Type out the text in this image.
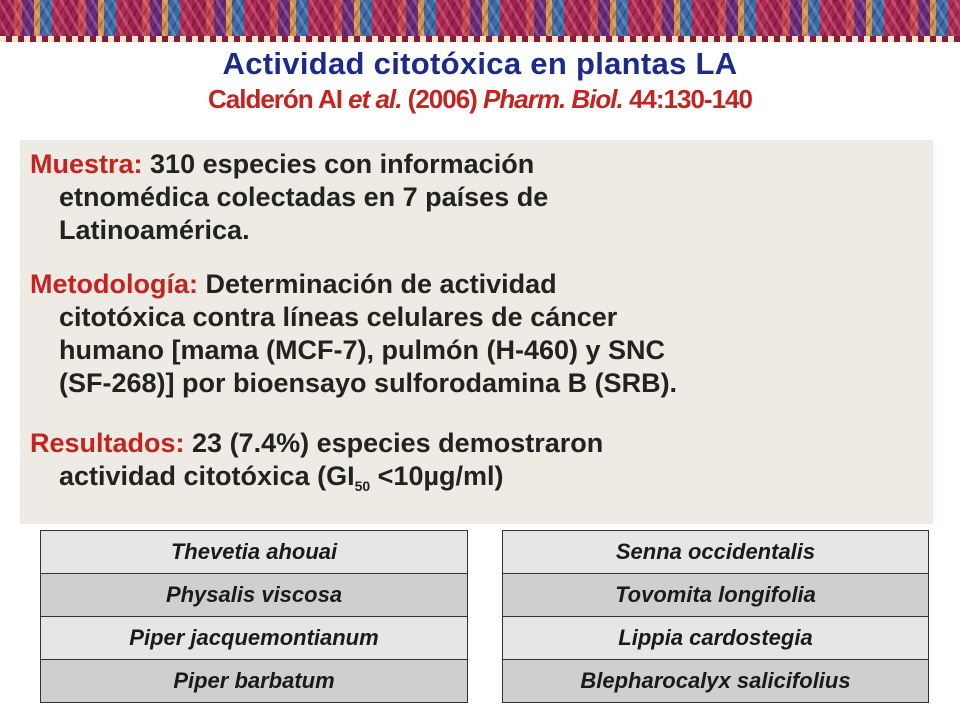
Actividad citotóxica en plantas LA
Calderón AI et al. (2006) Pharm. Biol. 44:130-140
Muestra: 310 especies con información
etnomédica colectadas en 7 países de
Latinoamérica.
Metodología: Determinación de actividad
citotóxica contra líneas celulares de cáncer
humano [mama (MCF-7), pulmón (H-460) y SNC
(SF-268)] por bioensayo sulforodamina B (SRB).
Resultados: 23 (7.4%) especies demostraron
actividad citotóxica $(GI_{50} <10\mu g/ml)$
Thevetia ahouai
Physalis viscosa
Piper jacquemontianum
Piper barbatum
Senna occidentalis
Tovomita longifolia
Lippia cardostegia
Blepharocalyx salicifolius
